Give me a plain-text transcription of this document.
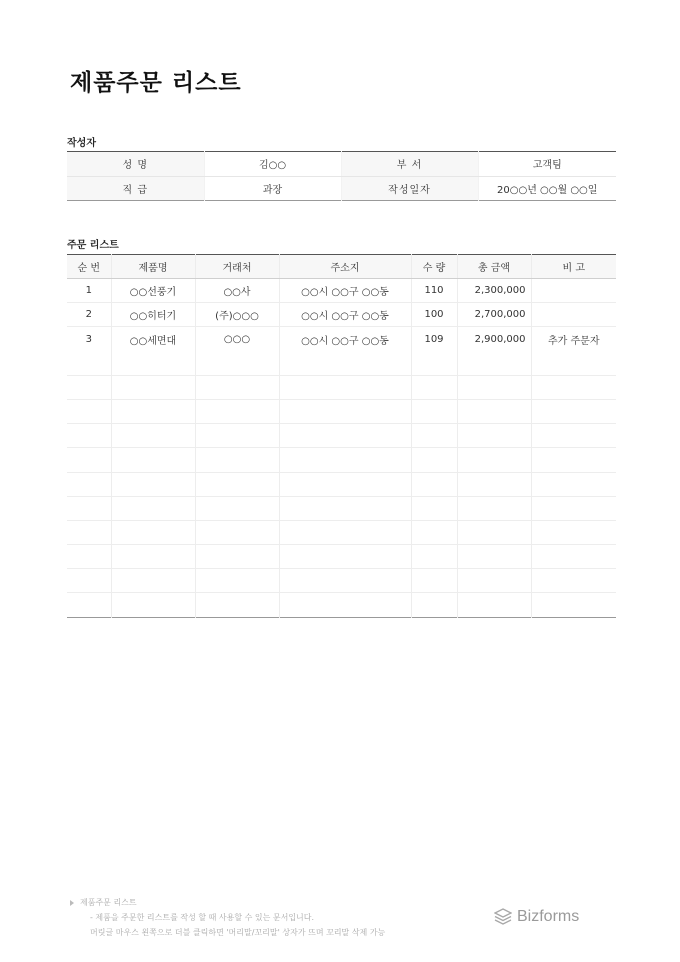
제품주문 리스트
작성자
성 명	김○○	부 서	고객팀
직 급	과장	작성일자	20○○년 ○○월 ○○일
주문 리스트
순 번	제품명	거래처	주소지	수 량	총 금액	비 고
1	○○선풍기	○○사	○○시 ○○구 ○○동	110	2,300,000	
2	○○히터기	(주)○○○	○○시 ○○구 ○○동	100	2,700,000	
3	○○세면대	○○○	○○시 ○○구 ○○동	109	2,900,000	추가 주문자

제품주문 리스트
- 제품을 주문한 리스트를 작성 할 때 사용할 수 있는 문서입니다.
머릿글 마우스 왼쪽으로 더블 클릭하면 '머리말/꼬리말' 상자가 뜨며 꼬리말 삭제 가능
Bizforms
